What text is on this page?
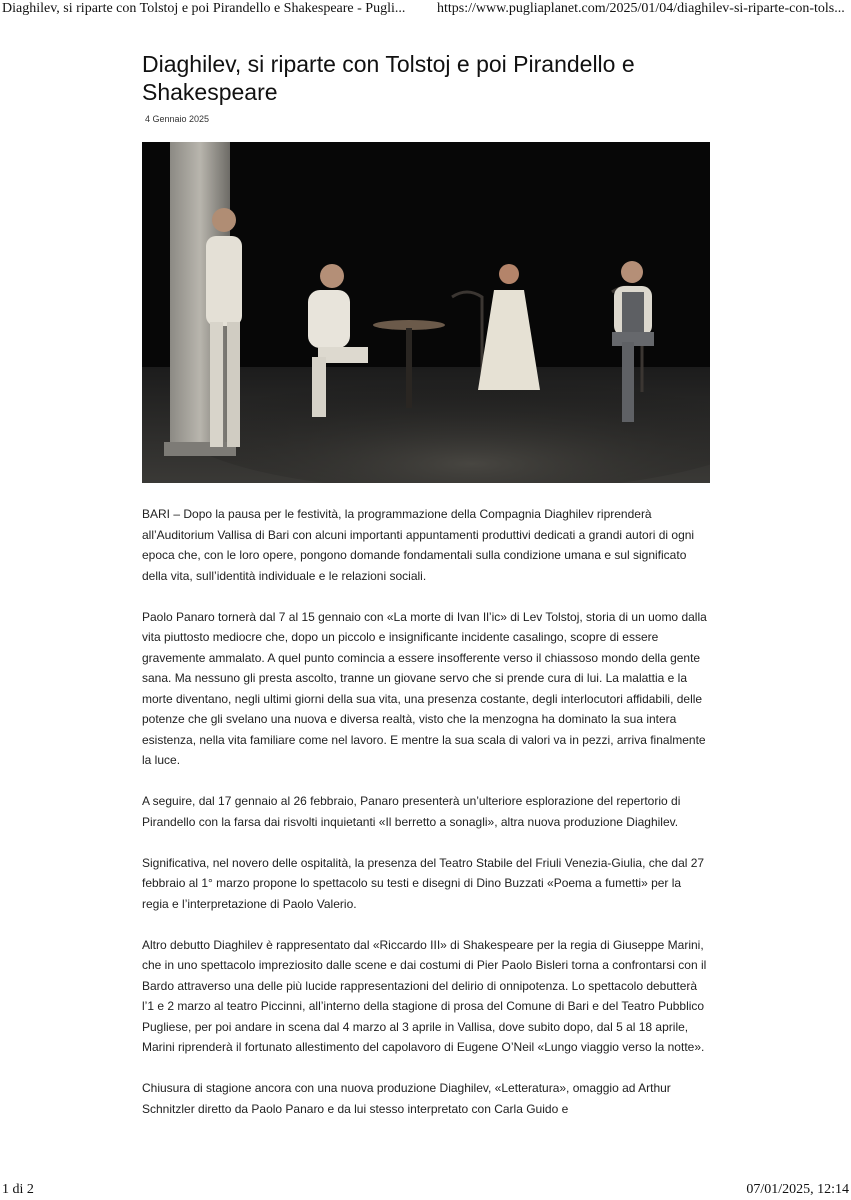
Diaghilev, si riparte con Tolstoj e poi Pirandello e Shakespeare - Pugli... https://www.pugliaplanet.com/2025/01/04/diaghilev-si-riparte-con-tols...
Diaghilev, si riparte con Tolstoj e poi Pirandello e Shakespeare
4 Gennaio 2025

BARI – Dopo la pausa per le festività, la programmazione della Compagnia Diaghilev riprenderà all’Auditorium Vallisa di Bari con alcuni importanti appuntamenti produttivi dedicati a grandi autori di ogni epoca che, con le loro opere, pongono domande fondamentali sulla condizione umana e sul significato della vita, sull’identità individuale e le relazioni sociali.

Paolo Panaro tornerà dal 7 al 15 gennaio con «La morte di Ivan Il’ic» di Lev Tolstoj, storia di un uomo dalla vita piuttosto mediocre che, dopo un piccolo e insignificante incidente casalingo, scopre di essere gravemente ammalato. A quel punto comincia a essere insofferente verso il chiassoso mondo della gente sana. Ma nessuno gli presta ascolto, tranne un giovane servo che si prende cura di lui. La malattia e la morte diventano, negli ultimi giorni della sua vita, una presenza costante, degli interlocutori affidabili, delle potenze che gli svelano una nuova e diversa realtà, visto che la menzogna ha dominato la sua intera esistenza, nella vita familiare come nel lavoro. E mentre la sua scala di valori va in pezzi, arriva finalmente la luce.

A seguire, dal 17 gennaio al 26 febbraio, Panaro presenterà un’ulteriore esplorazione del repertorio di Pirandello con la farsa dai risvolti inquietanti «Il berretto a sonagli», altra nuova produzione Diaghilev.

Significativa, nel novero delle ospitalità, la presenza del Teatro Stabile del Friuli Venezia-Giulia, che dal 27 febbraio al 1° marzo propone lo spettacolo su testi e disegni di Dino Buzzati «Poema a fumetti» per la regia e l’interpretazione di Paolo Valerio.

Altro debutto Diaghilev è rappresentato dal «Riccardo III» di Shakespeare per la regia di Giuseppe Marini, che in uno spettacolo impreziosito dalle scene e dai costumi di Pier Paolo Bisleri torna a confrontarsi con il Bardo attraverso una delle più lucide rappresentazioni del delirio di onnipotenza. Lo spettacolo debutterà l’1 e 2 marzo al teatro Piccinni, all’interno della stagione di prosa del Comune di Bari e del Teatro Pubblico Pugliese, per poi andare in scena dal 4 marzo al 3 aprile in Vallisa, dove subito dopo, dal 5 al 18 aprile, Marini riprenderà il fortunato allestimento del capolavoro di Eugene O’Neil «Lungo viaggio verso la notte».

Chiusura di stagione ancora con una nuova produzione Diaghilev, «Letteratura», omaggio ad Arthur Schnitzler diretto da Paolo Panaro e da lui stesso interpretato con Carla Guido e

1 di 2	07/01/2025, 12:14
